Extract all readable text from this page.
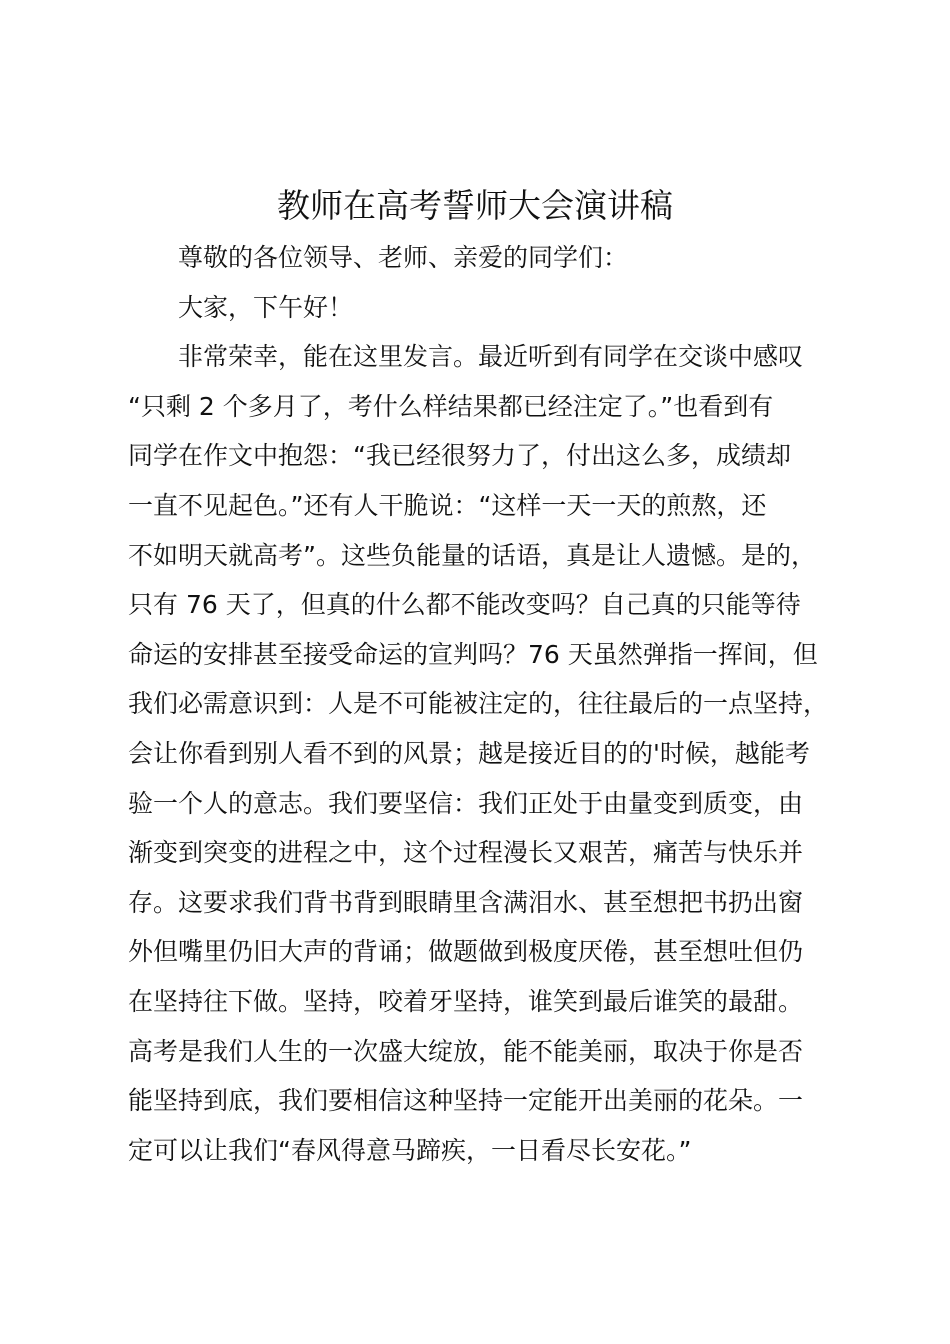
教师在高考誓师大会演讲稿

尊敬的各位领导、老师、亲爱的同学们：

大家，下午好！

非常荣幸，能在这里发言。最近听到有同学在交谈中感叹

“只剩 2 个多月了，考什么样结果都已经注定了。”也看到有

同学在作文中抱怨：“我已经很努力了，付出这么多，成绩却

一直不见起色。”还有人干脆说：“这样一天一天的煎熬，还

不如明天就高考”。这些负能量的话语，真是让人遗憾。是的，

只有 76 天了，但真的什么都不能改变吗？自己真的只能等待

命运的安排甚至接受命运的宣判吗？76 天虽然弹指一挥间，但

我们必需意识到：人是不可能被注定的，往往最后的一点坚持，

会让你看到别人看不到的风景；越是接近目的的'时候，越能考

验一个人的意志。我们要坚信：我们正处于由量变到质变，由

渐变到突变的进程之中，这个过程漫长又艰苦，痛苦与快乐并

存。这要求我们背书背到眼睛里含满泪水、甚至想把书扔出窗

外但嘴里仍旧大声的背诵；做题做到极度厌倦，甚至想吐但仍

在坚持往下做。坚持，咬着牙坚持，谁笑到最后谁笑的最甜。

高考是我们人生的一次盛大绽放，能不能美丽，取决于你是否

能坚持到底，我们要相信这种坚持一定能开出美丽的花朵。一

定可以让我们“春风得意马蹄疾，一日看尽长安花。”
